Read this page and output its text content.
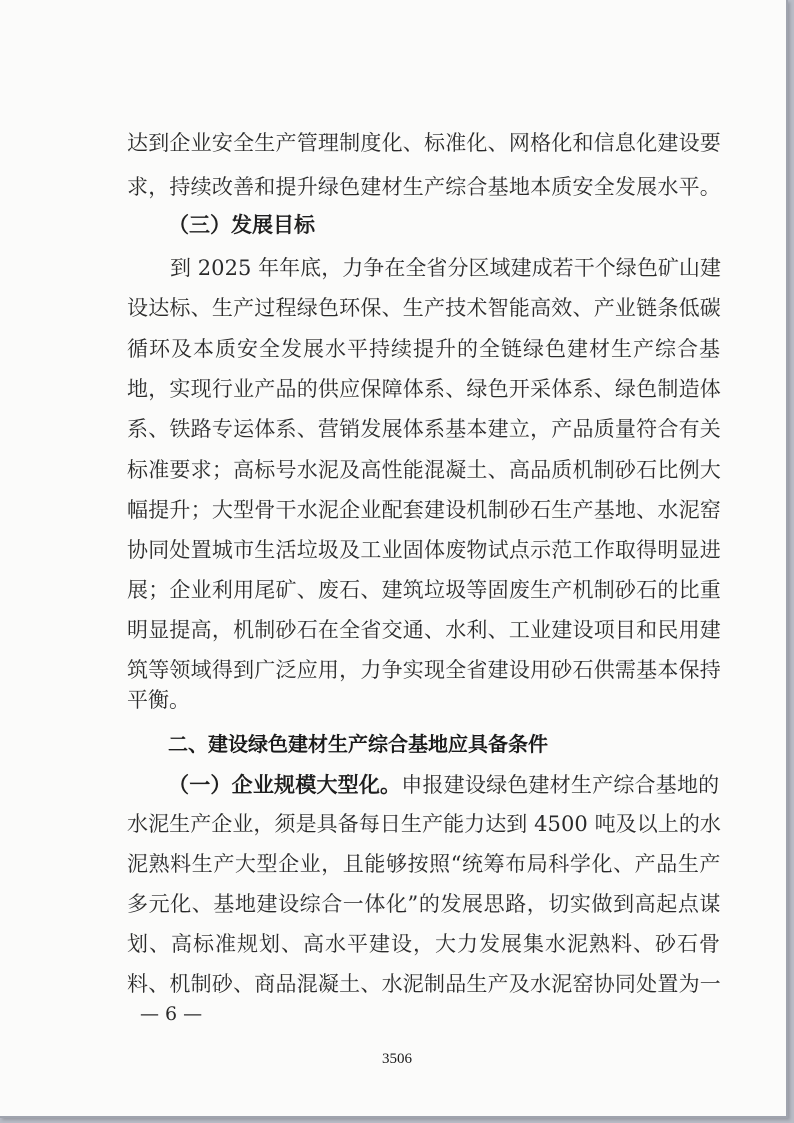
达到企业安全生产管理制度化、标准化、网格化和信息化建设要
求，持续改善和提升绿色建材生产综合基地本质安全发展水平。
（三）发展目标
到 2025 年年底，力争在全省分区域建成若干个绿色矿山建
设达标、生产过程绿色环保、生产技术智能高效、产业链条低碳
循环及本质安全发展水平持续提升的全链绿色建材生产综合基
地，实现行业产品的供应保障体系、绿色开采体系、绿色制造体
系、铁路专运体系、营销发展体系基本建立，产品质量符合有关
标准要求；高标号水泥及高性能混凝土、高品质机制砂石比例大
幅提升；大型骨干水泥企业配套建设机制砂石生产基地、水泥窑
协同处置城市生活垃圾及工业固体废物试点示范工作取得明显进
展；企业利用尾矿、废石、建筑垃圾等固废生产机制砂石的比重
明显提高，机制砂石在全省交通、水利、工业建设项目和民用建
筑等领域得到广泛应用，力争实现全省建设用砂石供需基本保持
平衡。
二、建设绿色建材生产综合基地应具备条件
（一）企业规模大型化。申报建设绿色建材生产综合基地的
水泥生产企业，须是具备每日生产能力达到 4500 吨及以上的水
泥熟料生产大型企业，且能够按照“统筹布局科学化、产品生产
多元化、基地建设综合一体化”的发展思路，切实做到高起点谋
划、高标准规划、高水平建设，大力发展集水泥熟料、砂石骨
料、机制砂、商品混凝土、水泥制品生产及水泥窑协同处置为一
— 6 —
3506
